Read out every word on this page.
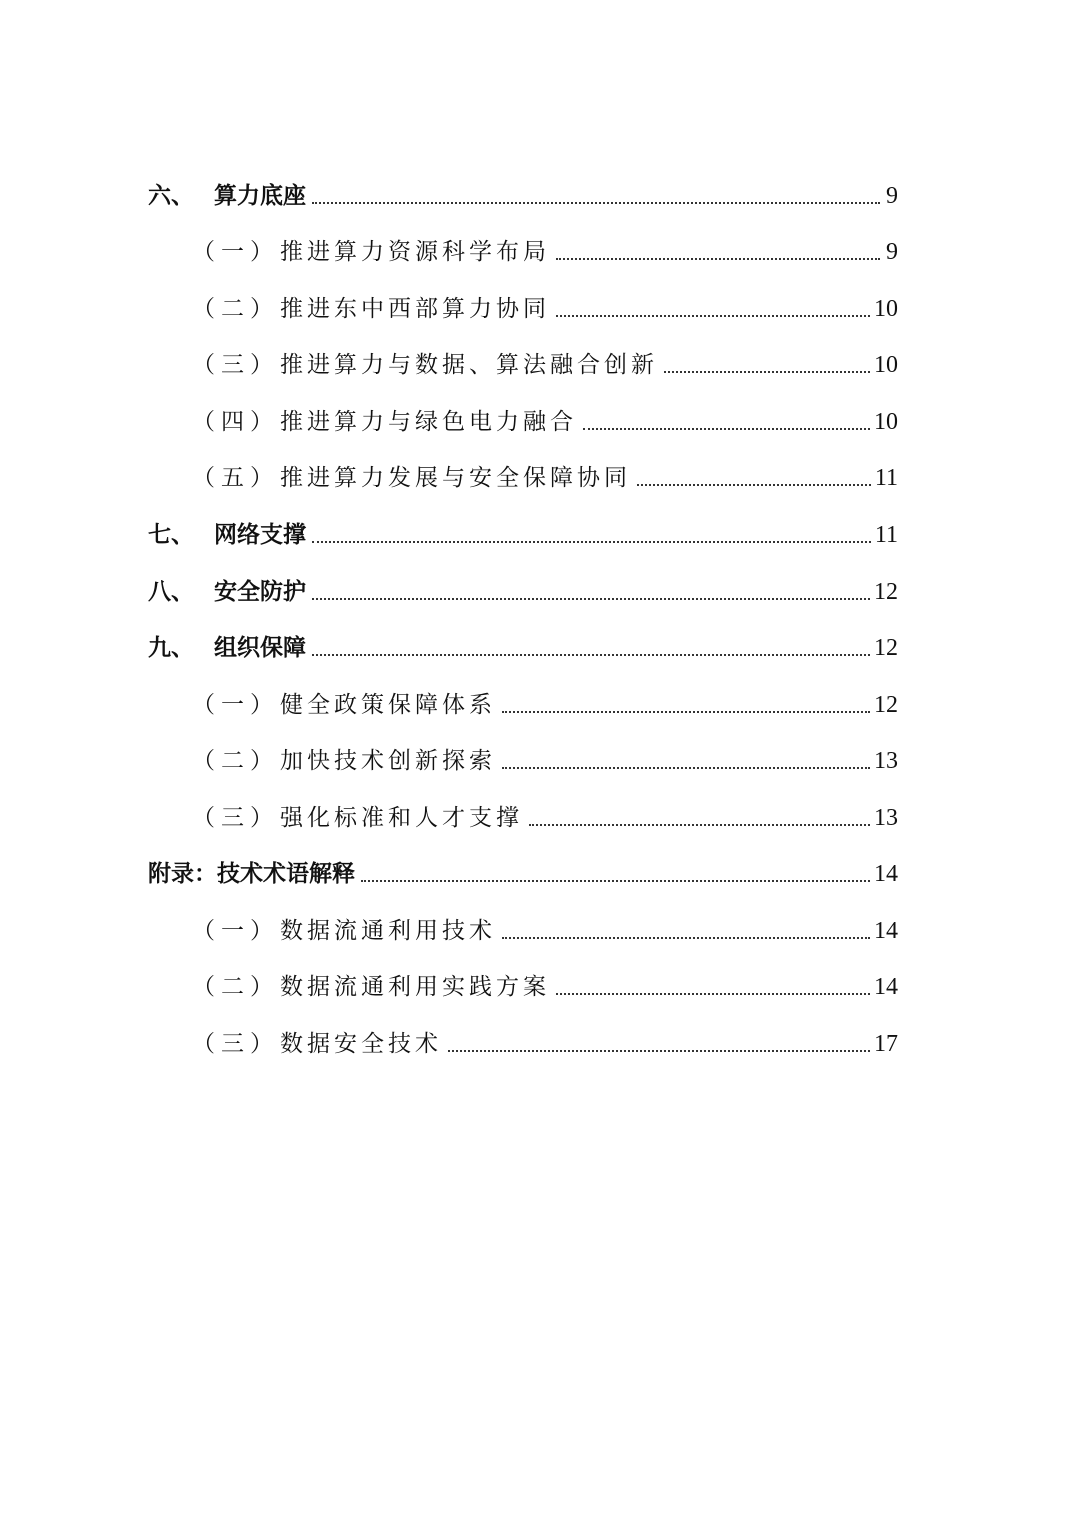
六、 算力底座	9
（一） 推进算力资源科学布局	9
（二） 推进东中西部算力协同	10
（三） 推进算力与数据、算法融合创新	10
（四） 推进算力与绿色电力融合	10
（五） 推进算力发展与安全保障协同	11
七、 网络支撑	11
八、 安全防护	12
九、 组织保障	12
（一） 健全政策保障体系	12
（二） 加快技术创新探索	13
（三） 强化标准和人才支撑	13
附录：技术术语解释	14
（一） 数据流通利用技术	14
（二） 数据流通利用实践方案	14
（三） 数据安全技术	17
